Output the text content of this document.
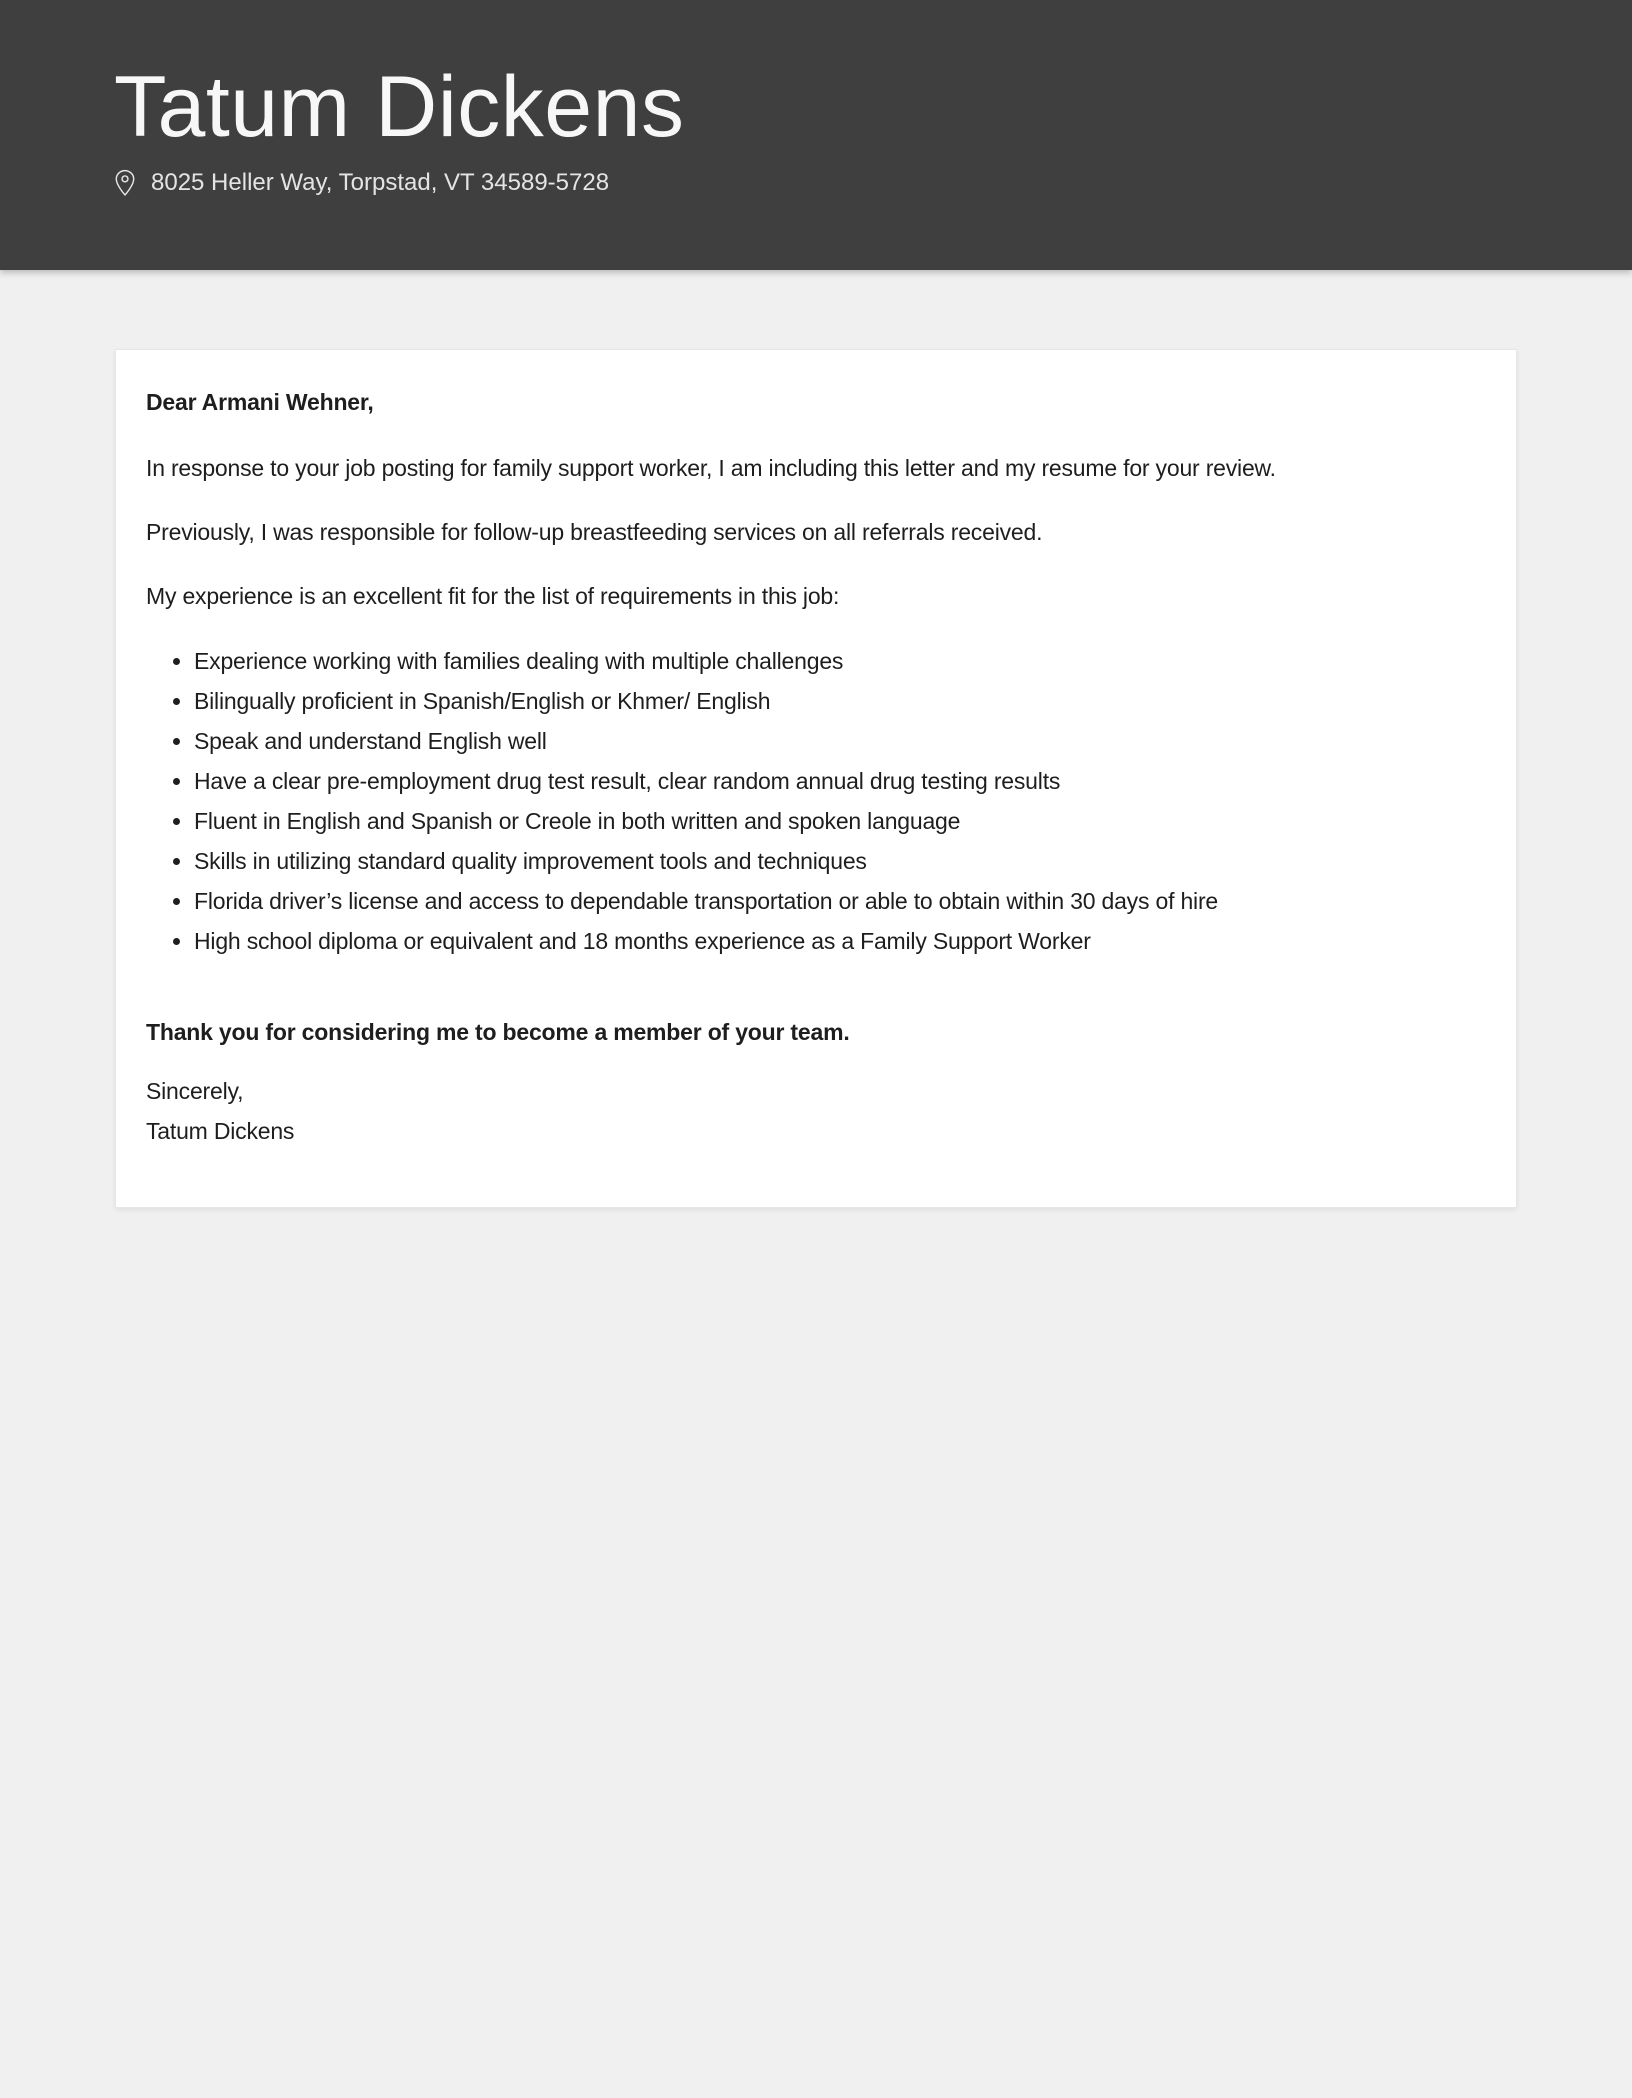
Tatum Dickens
8025 Heller Way, Torpstad, VT 34589-5728

Dear Armani Wehner,

In response to your job posting for family support worker, I am including this letter and my resume for your review.

Previously, I was responsible for follow-up breastfeeding services on all referrals received.

My experience is an excellent fit for the list of requirements in this job:

• Experience working with families dealing with multiple challenges
• Bilingually proficient in Spanish/English or Khmer/ English
• Speak and understand English well
• Have a clear pre-employment drug test result, clear random annual drug testing results
• Fluent in English and Spanish or Creole in both written and spoken language
• Skills in utilizing standard quality improvement tools and techniques
• Florida driver’s license and access to dependable transportation or able to obtain within 30 days of hire
• High school diploma or equivalent and 18 months experience as a Family Support Worker

Thank you for considering me to become a member of your team.

Sincerely,
Tatum Dickens
